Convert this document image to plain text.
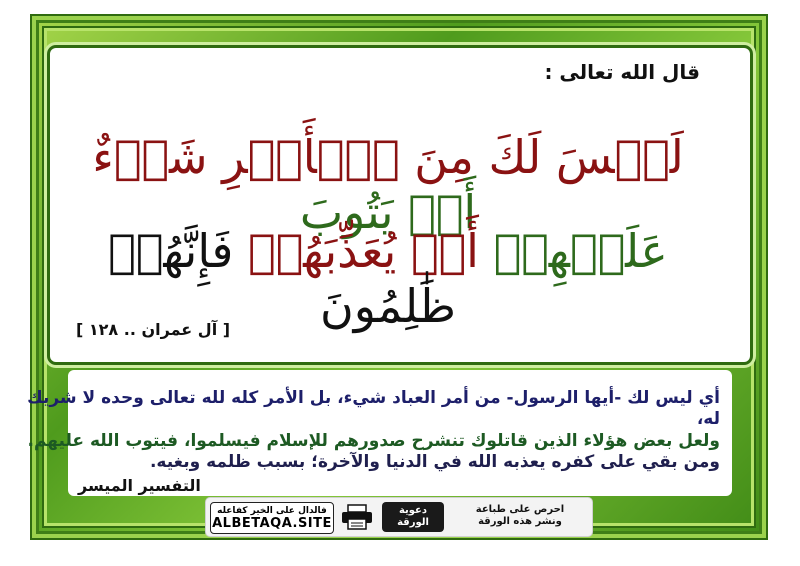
قال الله تعالى :
لَيۡسَ لَكَ مِنَ ٱلۡأَمۡرِ شَيۡءٌ أَوۡ يَتُوبَ
عَلَيۡهِمۡ أَوۡ يُعَذِّبَهُمۡ فَإِنَّهُمۡ ظَٰلِمُونَ
[ آل عمران .. ١٢٨ ]
أي ليس لك -أيها الرسول- من أمر العباد شيء، بل الأمر كله لله تعالى وحده لا شريك له،
ولعل بعض هؤلاء الذين قاتلوك تنشرح صدورهم للإسلام فيسلموا، فيتوب الله عليهم.
ومن بقي على كفره يعذبه الله في الدنيا والآخرة؛ بسبب ظلمه وبغيه.
التفسير الميسر
فالدال على الخير كفاعله
ALBETAQA.SITE
دعوية الورقة
احرص على طباعة
ونشر هذه الورقة
